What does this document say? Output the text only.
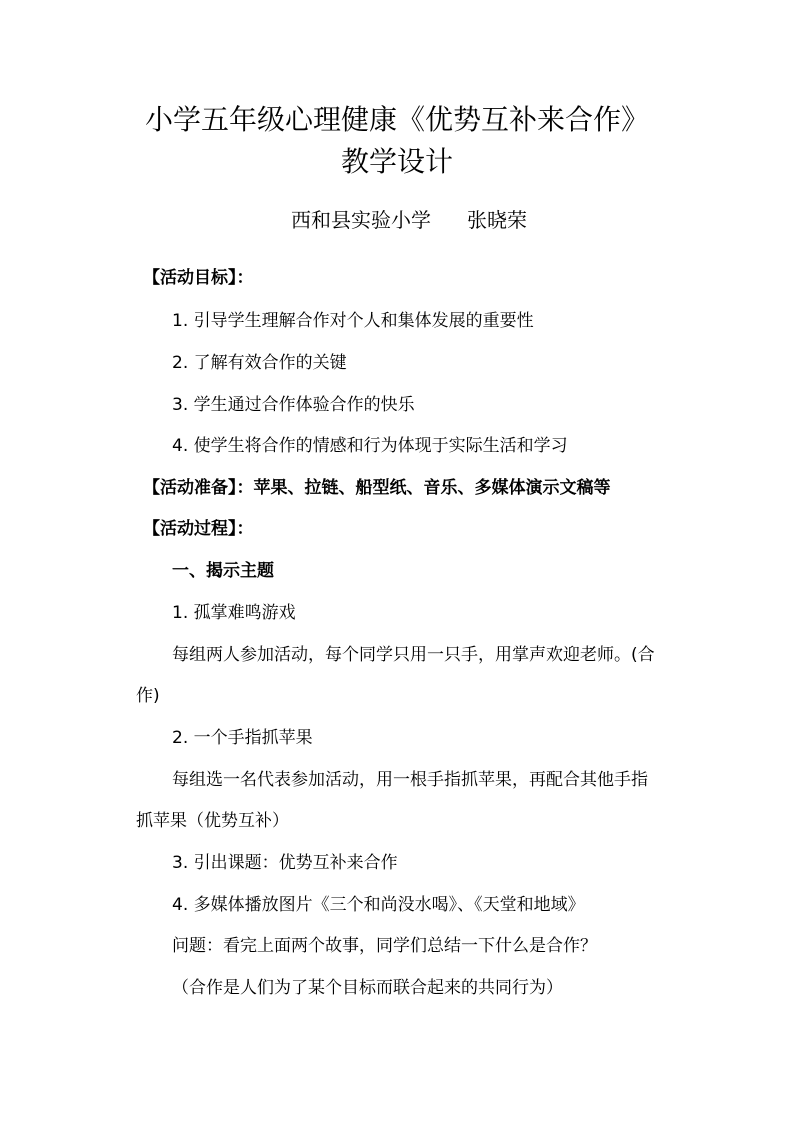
小学五年级心理健康《优势互补来合作》
教学设计
西和县实验小学 张晓荣
【活动目标】：
1. 引导学生理解合作对个人和集体发展的重要性
2. 了解有效合作的关键
3. 学生通过合作体验合作的快乐
4. 使学生将合作的情感和行为体现于实际生活和学习
【活动准备】：苹果、拉链、船型纸、音乐、多媒体演示文稿等
【活动过程】：
一、揭示主题
1. 孤掌难鸣游戏
每组两人参加活动，每个同学只用一只手，用掌声欢迎老师。(合
作)
2. 一个手指抓苹果
每组选一名代表参加活动，用一根手指抓苹果，再配合其他手指
抓苹果（优势互补）
3. 引出课题：优势互补来合作
4. 多媒体播放图片《三个和尚没水喝》、《天堂和地域》
问题：看完上面两个故事，同学们总结一下什么是合作？
（合作是人们为了某个目标而联合起来的共同行为）
